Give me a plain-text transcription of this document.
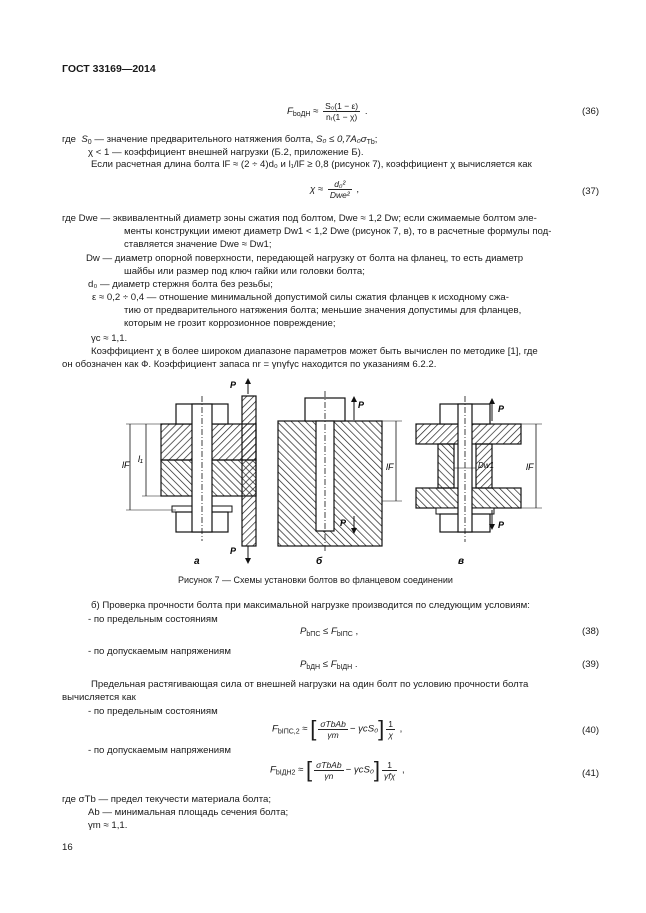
ГОСТ 33169—2014
$F_{bоДН} \approx \frac{\text{S₀(1 − ε)}}{\text{nᵣ(1 − χ)}}$ .	(36)
где $S_0$ — значение предварительного натяжения болта, $S_0 \le 0,7A_0\sigma_{Tb}$;
χ < 1 — коэффициент внешней нагрузки (Б.2, приложение Б).
Если расчетная длина болта lF ≈ (2 ÷ 4)d₀ и l₁/lF ≥ 0,8 (рисунок 7), коэффициент χ вычисляется как
$\chi \approx \frac{\text{d₀²}}{\text{Dwe²}}$ ,	(37)
где Dwe — эквивалентный диаметр зоны сжатия под болтом, Dwe ≈ 1,2 Dw; если сжимаемые болтом эле-
менты конструкции имеют диаметр Dw1 < 1,2 Dwe (рисунок 7, в), то в расчетные формулы под-
ставляется значение Dwe ≈ Dw1;
Dw — диаметр опорной поверхности, передающей нагрузку от болта на фланец, то есть диаметр
шайбы или размер под ключ гайки или головки болта;
d₀ — диаметр стержня болта без резьбы;
ε ≈ 0,2 ÷ 0,4 — отношение минимальной допустимой силы сжатия фланцев к исходному сжа-
тию от предварительного натяжения болта; меньшие значения допустимы для фланцев,
которым не грозит коррозионное повреждение;
γc ≈ 1,1.
Коэффициент χ в более широком диапазоне параметров может быть вычислен по методике [1], где
он обозначен как Ф. Коэффициент запаса nr = γnγfγc находится по указаниям 6.2.2.
lF
l₁
P
P
а
lF
P
P
б
lF
Dw1
P
P
в
Рисунок 7 — Схемы установки болтов во фланцевом соединении
б) Проверка прочности болта при максимальной нагрузке производится по следующим условиям:
- по предельным состояниям
$P_{bПС} \le F_{bIПС}$ ,	(38)
- по допускаемым напряжениям
$P_{bДН} \le F_{bIДН}$ .	(39)
Предельная растягивающая сила от внешней нагрузки на один болт по условию прочности болта
вычисляется как
- по предельным состояниям
$F_{bIПС,2}$ ≈ [ $\frac{\text{σTbAb}}{\gamma m} - \gamma cS_0] \frac{1}{\chi}$ ,	(40)
- по допускаемым напряжениям
$F_{bIДН2}$ ≈ [ $\frac{\text{σTbAb}}{\gamma n} - \gamma cS_0] \frac{1}{\text{γfχ}}$ ,	(41)
где σTb — предел текучести материала болта;
Ab — минимальная площадь сечения болта;
γm ≈ 1,1.
16
